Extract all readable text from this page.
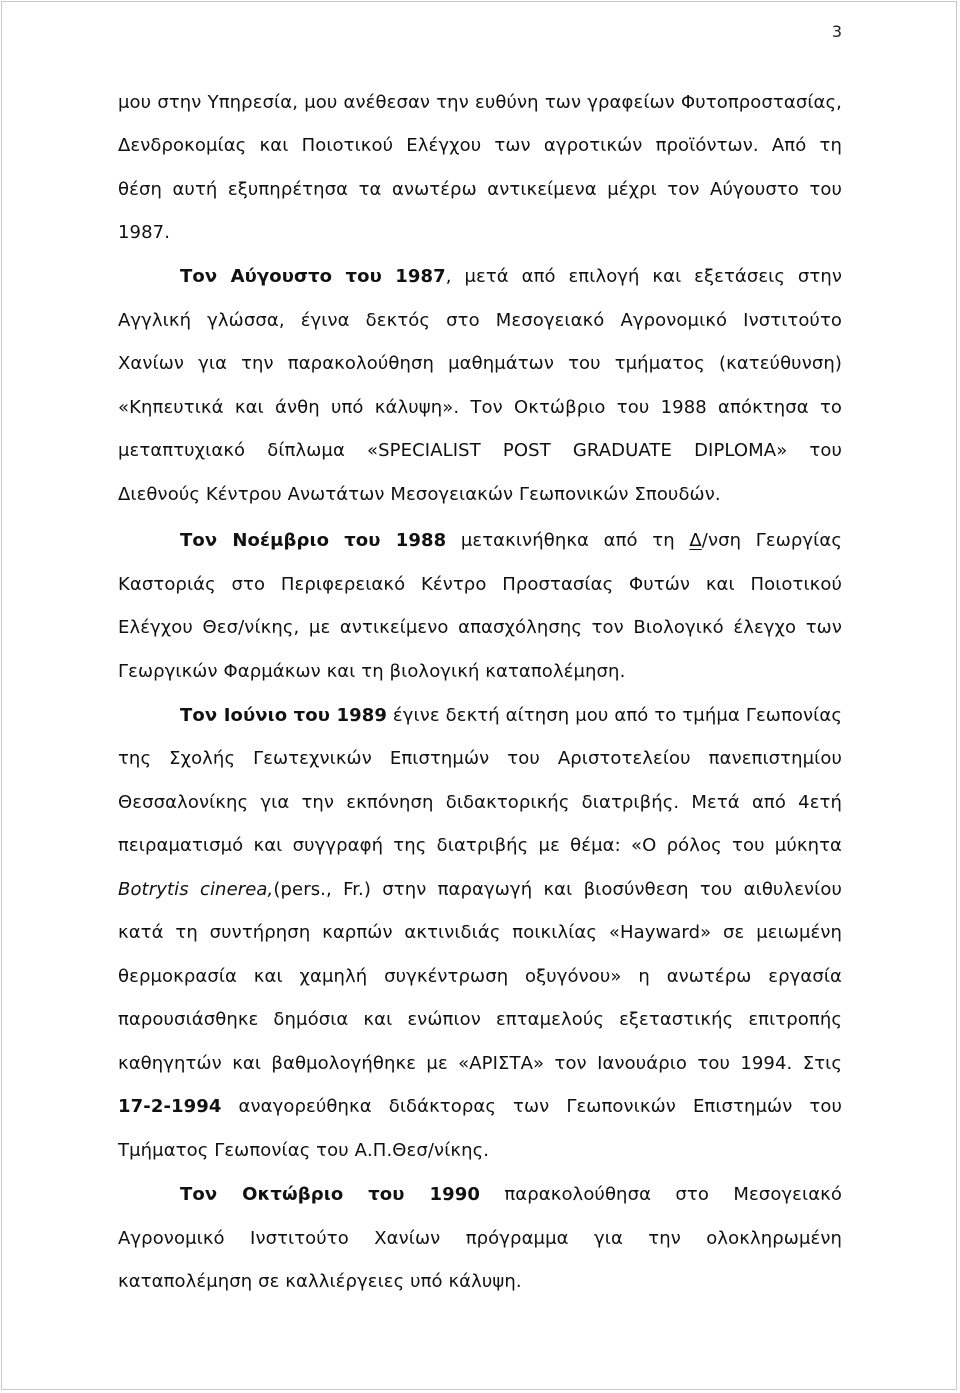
3
μου στην Υπηρεσία, μου ανέθεσαν την ευθύνη των γραφείων Φυτοπροστασίας,
Δενδροκομίας και Ποιοτικού Ελέγχου των αγροτικών προϊόντων. Από τη
θέση αυτή εξυπηρέτησα τα ανωτέρω αντικείμενα μέχρι τον Αύγουστο του
1987.
Τον Αύγουστο του 1987, μετά από επιλογή και εξετάσεις στην
Αγγλική γλώσσα, έγινα δεκτός στο Μεσογειακό Αγρονομικό Ινστιτούτο
Χανίων για την παρακολούθηση μαθημάτων του τμήματος (κατεύθυνση)
«Κηπευτικά και άνθη υπό κάλυψη». Τον Οκτώβριο του 1988 απόκτησα το
μεταπτυχιακό δίπλωμα «SPECIALIST POST GRADUATE DIPLOMA» του
Διεθνούς Κέντρου Ανωτάτων Μεσογειακών Γεωπονικών Σπουδών.
Τον Νοέμβριο του 1988 μετακινήθηκα από τη Δ/νση Γεωργίας
Καστοριάς στο Περιφερειακό Κέντρο Προστασίας Φυτών και Ποιοτικού
Ελέγχου Θεσ/νίκης, με αντικείμενο απασχόλησης τον Βιολογικό έλεγχο των
Γεωργικών Φαρμάκων και τη βιολογική καταπολέμηση.
Τον Ιούνιο του 1989 έγινε δεκτή αίτηση μου από το τμήμα Γεωπονίας
της Σχολής Γεωτεχνικών Επιστημών του Αριστοτελείου πανεπιστημίου
Θεσσαλονίκης για την εκπόνηση διδακτορικής διατριβής. Μετά από 4ετή
πειραματισμό και συγγραφή της διατριβής με θέμα: «Ο ρόλος του μύκητα
Botrytis cinerea,(pers., Fr.) στην παραγωγή και βιοσύνθεση του αιθυλενίου
κατά τη συντήρηση καρπών ακτινιδιάς ποικιλίας «Hayward» σε μειωμένη
θερμοκρασία και χαμηλή συγκέντρωση οξυγόνου» η ανωτέρω εργασία
παρουσιάσθηκε δημόσια και ενώπιον επταμελούς εξεταστικής επιτροπής
καθηγητών και βαθμολογήθηκε με «ΑΡΙΣΤΑ» τον Ιανουάριο του 1994. Στις
17-2-1994 αναγορεύθηκα διδάκτορας των Γεωπονικών Επιστημών του
Τμήματος Γεωπονίας του Α.Π.Θεσ/νίκης.
Τον Οκτώβριο του 1990 παρακολούθησα στο Μεσογειακό
Αγρονομικό Ινστιτούτο Χανίων πρόγραμμα για την ολοκληρωμένη
καταπολέμηση σε καλλιέργειες υπό κάλυψη.
